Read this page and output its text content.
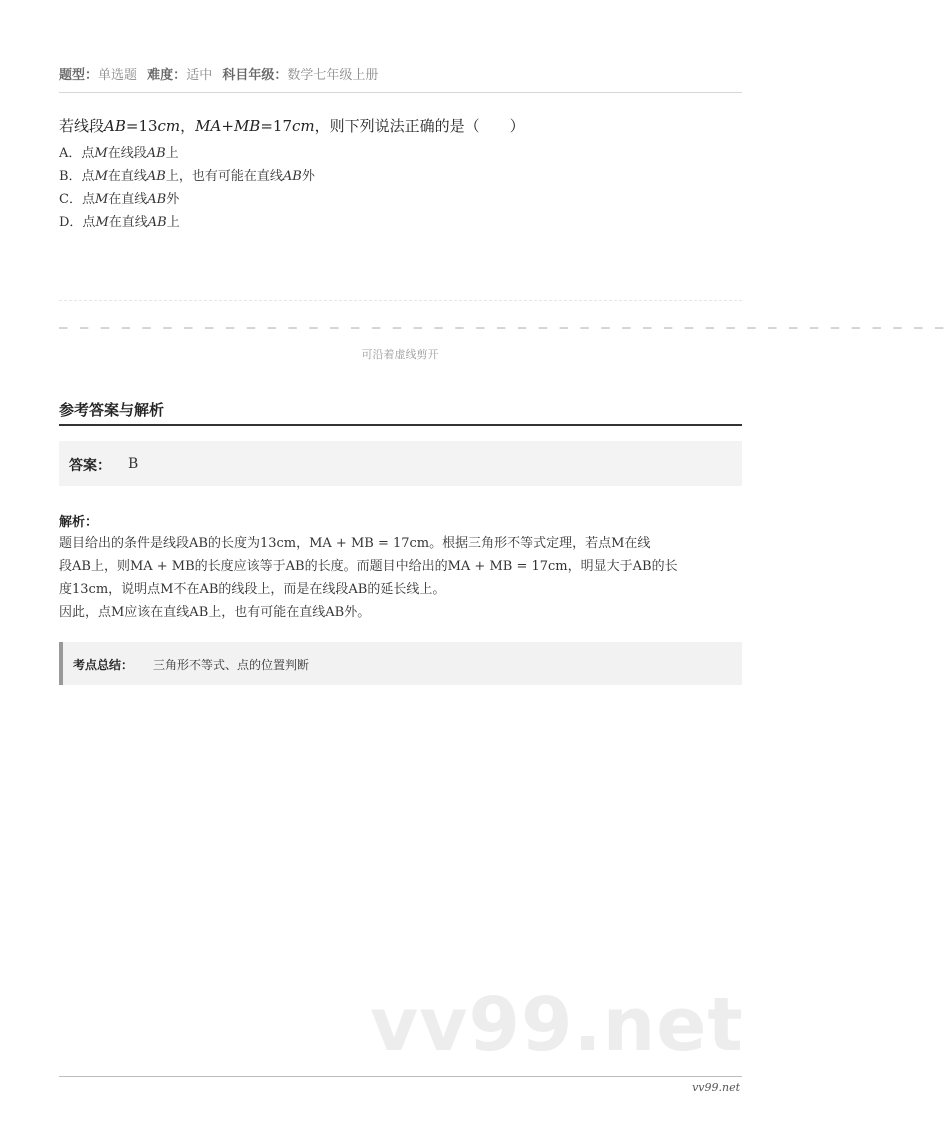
题型：单选题 难度：适中 科目年级：数学七年级上册
若线段AB=13cm，MA+MB=17cm，则下列说法正确的是（　　）
A．点M在线段AB上
B．点M在直线AB上，也有可能在直线AB外
C．点M在直线AB外
D．点M在直线AB上
— — — — — — — — — — — — — — — — — — — — — — — — — — — — — — — — — — — — — — — — — — —
可沿着虚线剪开
参考答案与解析
答案： B
解析：

题目给出的条件是线段AB的长度为13cm，MA + MB = 17cm。根据三角形不等式定理，若点M在线

段AB上，则MA + MB的长度应该等于AB的长度。而题目中给出的MA + MB = 17cm，明显大于AB的长

度13cm，说明点M不在AB的线段上，而是在线段AB的延长线上。

因此，点M应该在直线AB上，也有可能在直线AB外。

考点总结： 三角形不等式、点的位置判断
vv99.net
vv99.net
